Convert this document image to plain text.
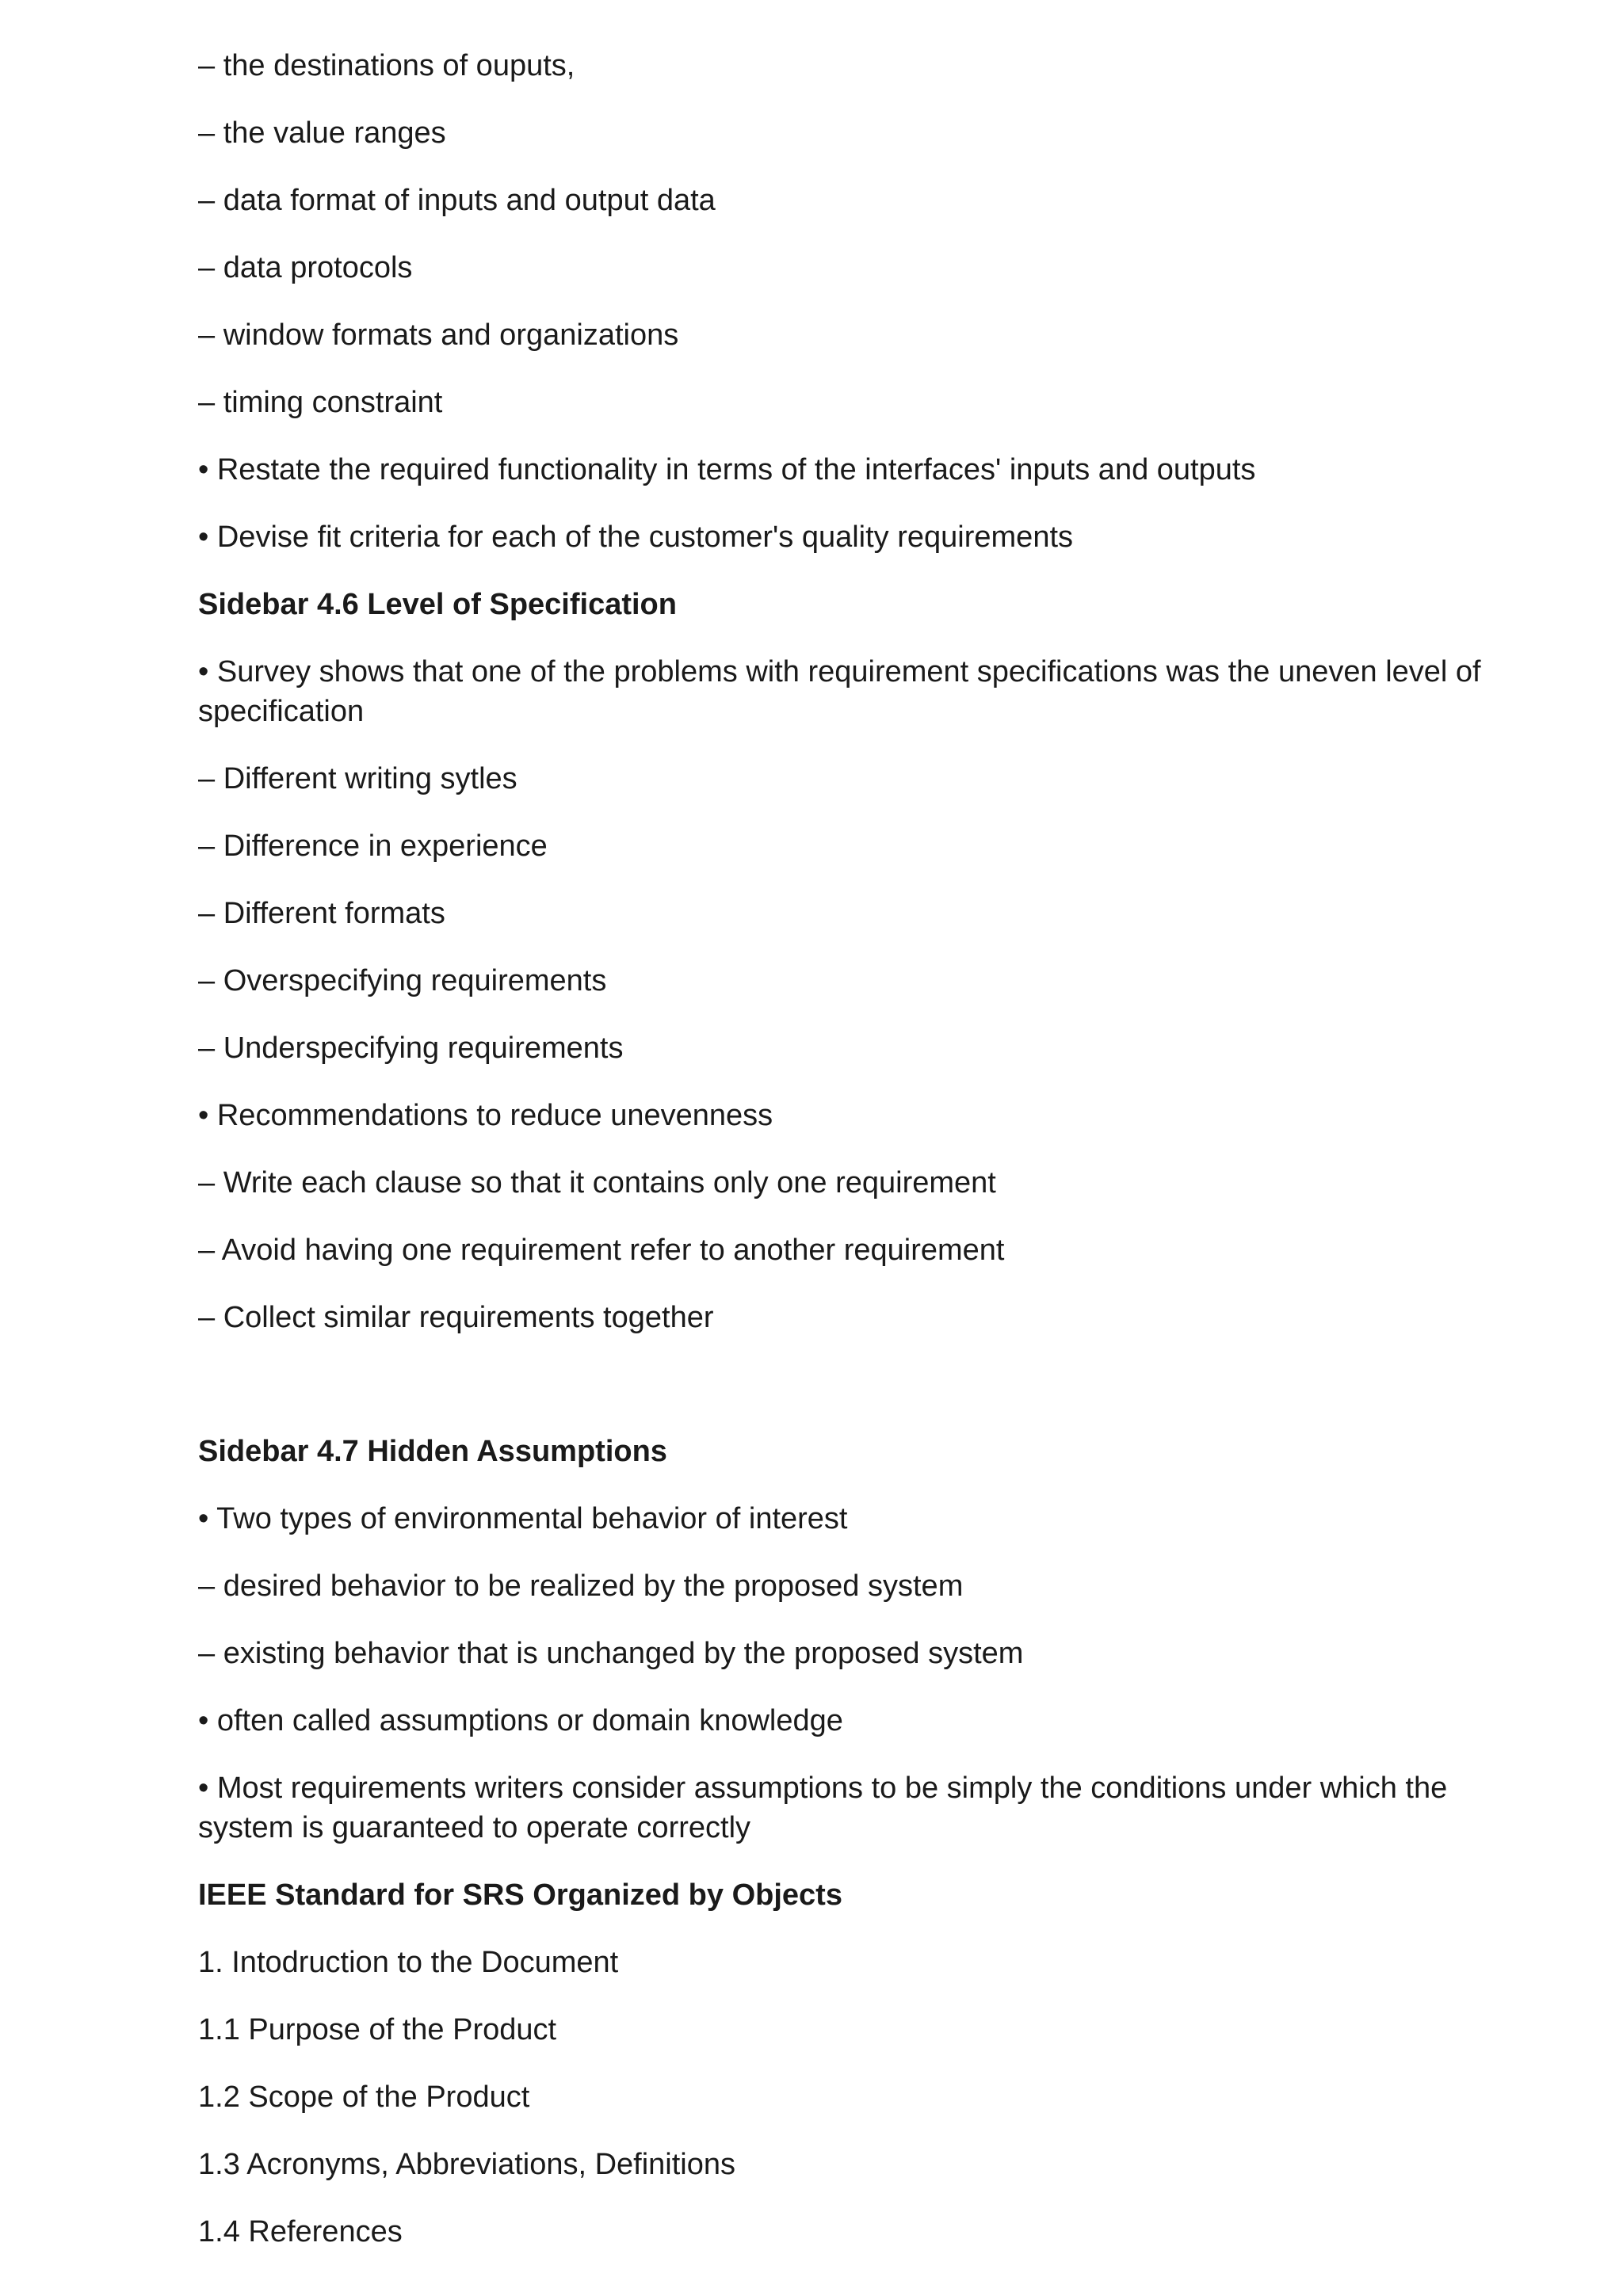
– the destinations of ouputs,

– the value ranges

– data format of inputs and output data

– data protocols

– window formats and organizations

– timing constraint

• Restate the required functionality in terms of the interfaces' inputs and outputs

• Devise fit criteria for each of the customer's quality requirements

Sidebar 4.6 Level of Specification

• Survey shows that one of the problems with requirement specifications was the uneven level of specification

– Different writing sytles

– Difference in experience

– Different formats

– Overspecifying requirements

– Underspecifying requirements

• Recommendations to reduce unevenness

– Write each clause so that it contains only one requirement

– Avoid having one requirement refer to another requirement

– Collect similar requirements together

Sidebar 4.7 Hidden Assumptions

• Two types of environmental behavior of interest

– desired behavior to be realized by the proposed system

– existing behavior that is unchanged by the proposed system

• often called assumptions or domain knowledge

• Most requirements writers consider assumptions to be simply the conditions under which the system is guaranteed to operate correctly

IEEE Standard for SRS Organized by Objects

1. Intodruction to the Document

1.1 Purpose of the Product

1.2 Scope of the Product

1.3 Acronyms, Abbreviations, Definitions

1.4 References
